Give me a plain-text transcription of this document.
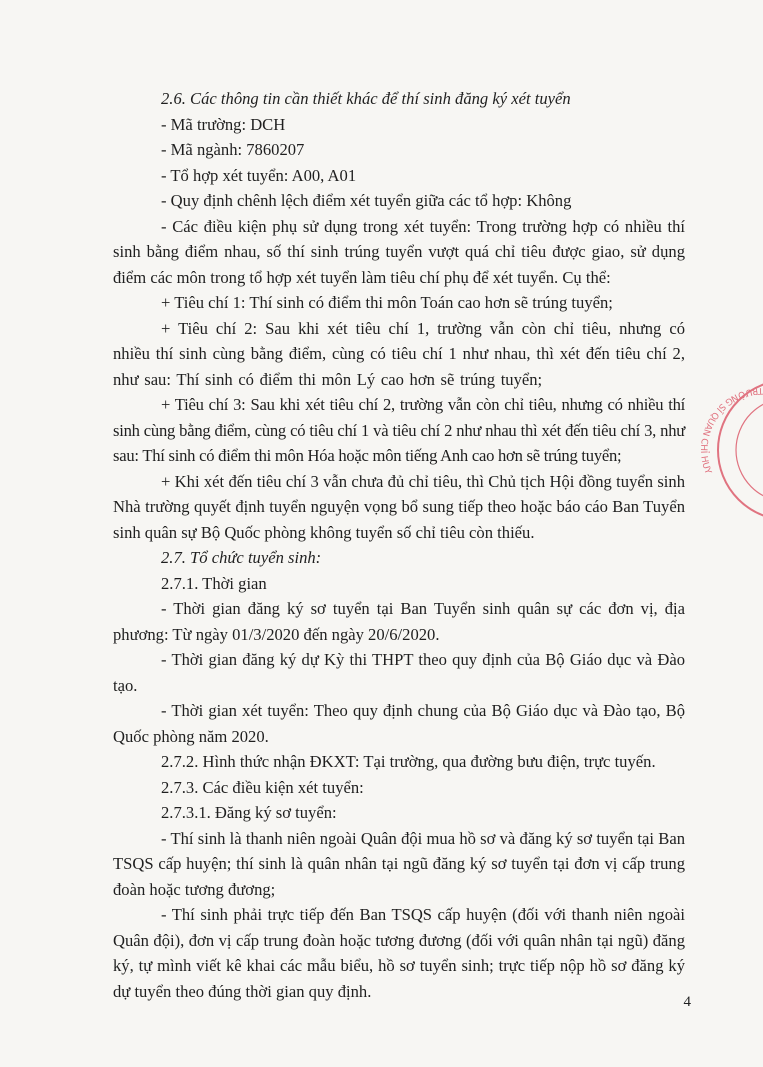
2.6. Các thông tin cần thiết khác để thí sinh đăng ký xét tuyển

- Mã trường: DCH

- Mã ngành: 7860207

- Tổ hợp xét tuyển: A00, A01

- Quy định chênh lệch điểm xét tuyển giữa các tổ hợp: Không

- Các điều kiện phụ sử dụng trong xét tuyển: Trong trường hợp có nhiều thí sinh bằng điểm nhau, số thí sinh trúng tuyển vượt quá chỉ tiêu được giao, sử dụng điểm các môn trong tổ hợp xét tuyển làm tiêu chí phụ để xét tuyển. Cụ thể:

+ Tiêu chí 1: Thí sinh có điểm thi môn Toán cao hơn sẽ trúng tuyển;

+ Tiêu chí 2: Sau khi xét tiêu chí 1, trường vẫn còn chỉ tiêu, nhưng có nhiều thí sinh cùng bằng điểm, cùng có tiêu chí 1 như nhau, thì xét đến tiêu chí 2, như sau: Thí sinh có điểm thi môn Lý cao hơn sẽ trúng tuyển;

+ Tiêu chí 3: Sau khi xét tiêu chí 2, trường vẫn còn chỉ tiêu, nhưng có nhiều thí sinh cùng bằng điểm, cùng có tiêu chí 1 và tiêu chí 2 như nhau thì xét đến tiêu chí 3, như sau: Thí sinh có điểm thi môn Hóa hoặc môn tiếng Anh cao hơn sẽ trúng tuyển;

+ Khi xét đến tiêu chí 3 vẫn chưa đủ chỉ tiêu, thì Chủ tịch Hội đồng tuyển sinh Nhà trường quyết định tuyển nguyện vọng bổ sung tiếp theo hoặc báo cáo Ban Tuyển sinh quân sự Bộ Quốc phòng không tuyển số chỉ tiêu còn thiếu.

2.7. Tổ chức tuyển sinh:

2.7.1. Thời gian

- Thời gian đăng ký sơ tuyển tại Ban Tuyển sinh quân sự các đơn vị, địa phương: Từ ngày 01/3/2020 đến ngày 20/6/2020.

- Thời gian đăng ký dự Kỳ thi THPT theo quy định của Bộ Giáo dục và Đào tạo.

- Thời gian xét tuyển: Theo quy định chung của Bộ Giáo dục và Đào tạo, Bộ Quốc phòng năm 2020.

2.7.2. Hình thức nhận ĐKXT: Tại trường, qua đường bưu điện, trực tuyến.

2.7.3. Các điều kiện xét tuyển:

2.7.3.1. Đăng ký sơ tuyển:

- Thí sinh là thanh niên ngoài Quân đội mua hồ sơ và đăng ký sơ tuyển tại Ban TSQS cấp huyện; thí sinh là quân nhân tại ngũ đăng ký sơ tuyển tại đơn vị cấp trung đoàn hoặc tương đương;

- Thí sinh phải trực tiếp đến Ban TSQS cấp huyện (đối với thanh niên ngoài Quân đội), đơn vị cấp trung đoàn hoặc tương đương (đối với quân nhân tại ngũ) đăng ký, tự mình viết kê khai các mẫu biểu, hồ sơ tuyển sinh; trực tiếp nộp hồ sơ đăng ký dự tuyển theo đúng thời gian quy định.

TRƯỜNG SĨ QUAN CHỈ HUY
4
